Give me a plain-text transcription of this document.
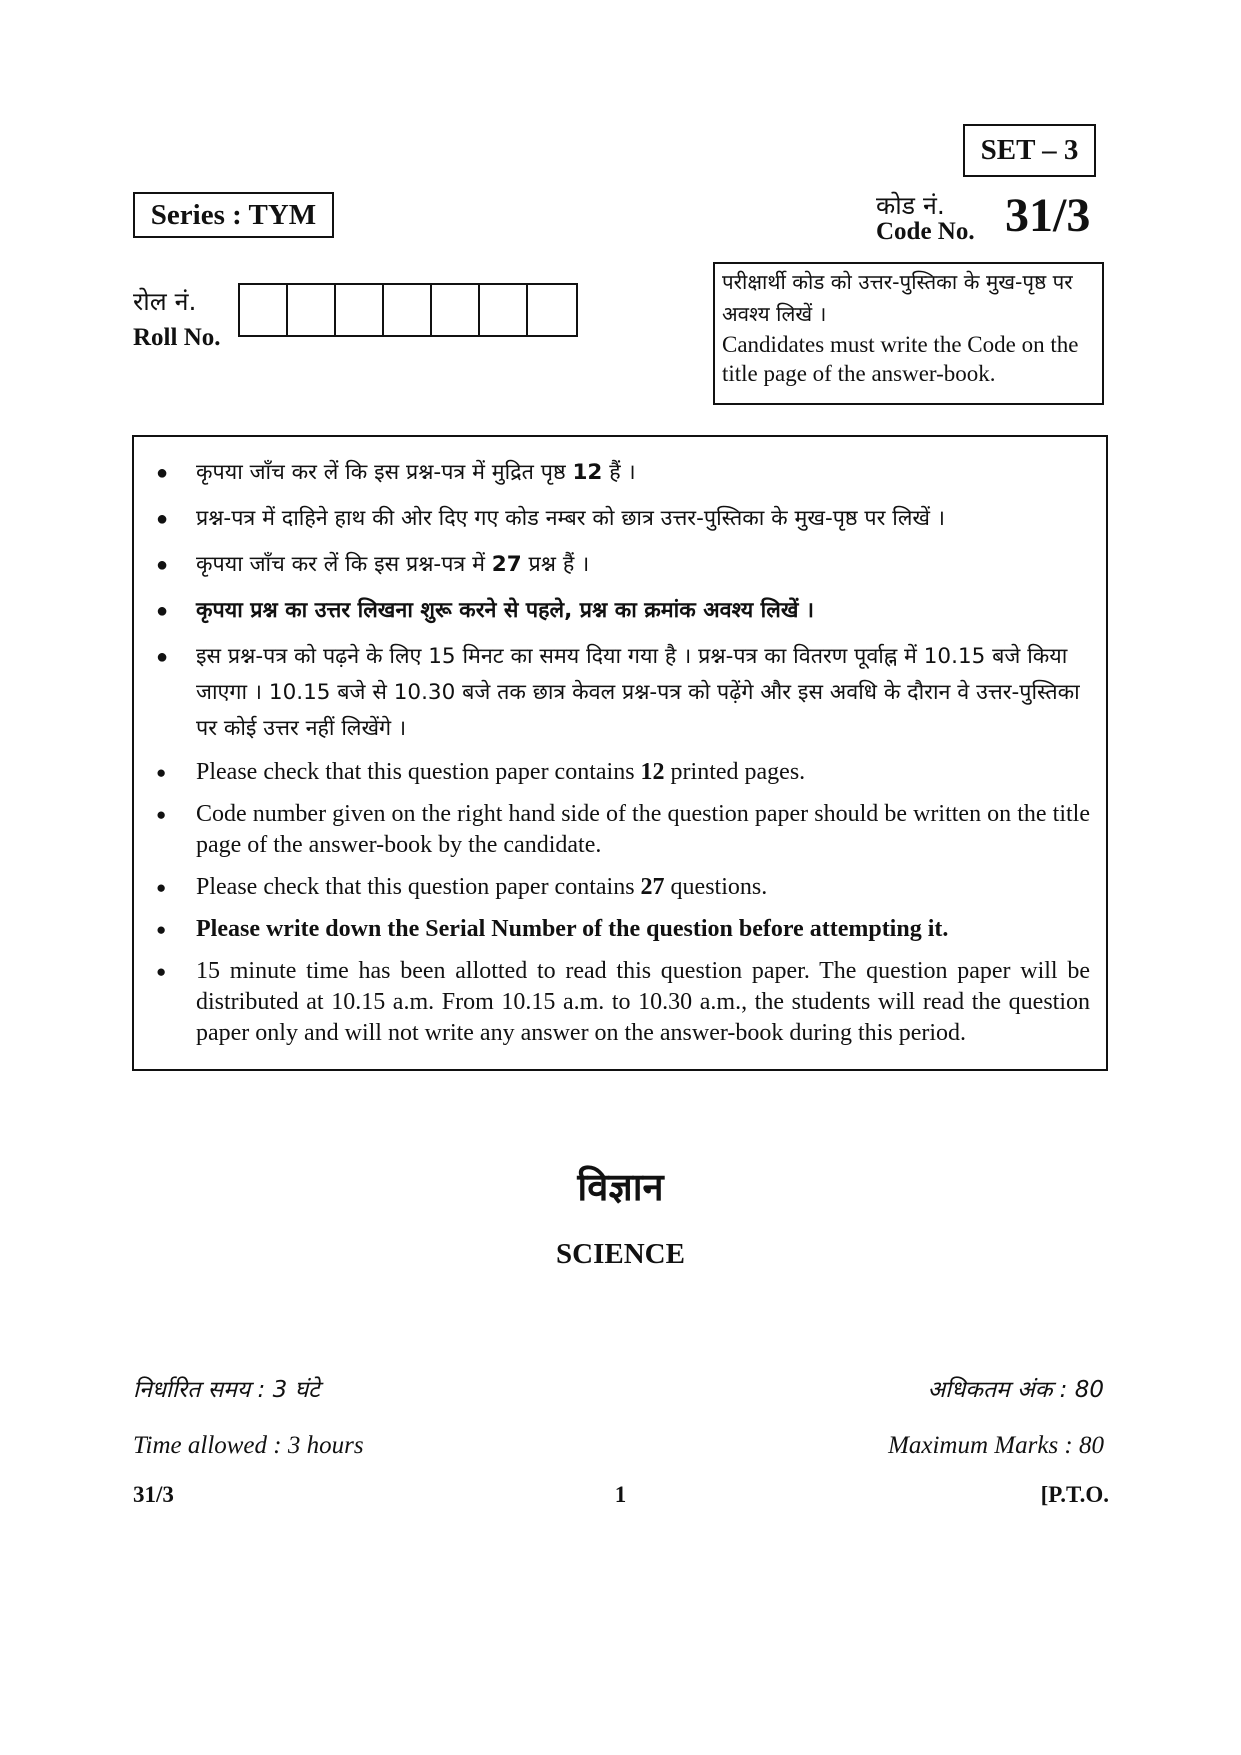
SET – 3
Series : TYM	कोड नं.
Code No. 31/3
रोल नं.
Roll No.
परीक्षार्थी कोड को उत्तर-पुस्तिका के मुख-पृष्ठ पर अवश्य लिखें ।
Candidates must write the Code on the title page of the answer-book.
●	कृपया जाँच कर लें कि इस प्रश्न-पत्र में मुद्रित पृष्ठ 12 हैं ।
●	प्रश्न-पत्र में दाहिने हाथ की ओर दिए गए कोड नम्बर को छात्र उत्तर-पुस्तिका के मुख-पृष्ठ पर लिखें ।
●	कृपया जाँच कर लें कि इस प्रश्न-पत्र में 27 प्रश्न हैं ।
●	कृपया प्रश्न का उत्तर लिखना शुरू करने से पहले, प्रश्न का क्रमांक अवश्य लिखें ।
●	इस प्रश्न-पत्र को पढ़ने के लिए 15 मिनट का समय दिया गया है । प्रश्न-पत्र का वितरण पूर्वाह्न में 10.15 बजे किया जाएगा । 10.15 बजे से 10.30 बजे तक छात्र केवल प्रश्न-पत्र को पढ़ेंगे और इस अवधि के दौरान वे उत्तर-पुस्तिका पर कोई उत्तर नहीं लिखेंगे ।
●	Please check that this question paper contains 12 printed pages.
●	Code number given on the right hand side of the question paper should be written on the title page of the answer-book by the candidate.
●	Please check that this question paper contains 27 questions.
●	Please write down the Serial Number of the question before attempting it.
●	15 minute time has been allotted to read this question paper. The question paper will be distributed at 10.15 a.m. From 10.15 a.m. to 10.30 a.m., the students will read the question paper only and will not write any answer on the answer-book during this period.
विज्ञान
SCIENCE
निर्धारित समय : 3 घंटे	अधिकतम अंक : 80
Time allowed : 3 hours	Maximum Marks : 80
31/3	1	[P.T.O.
